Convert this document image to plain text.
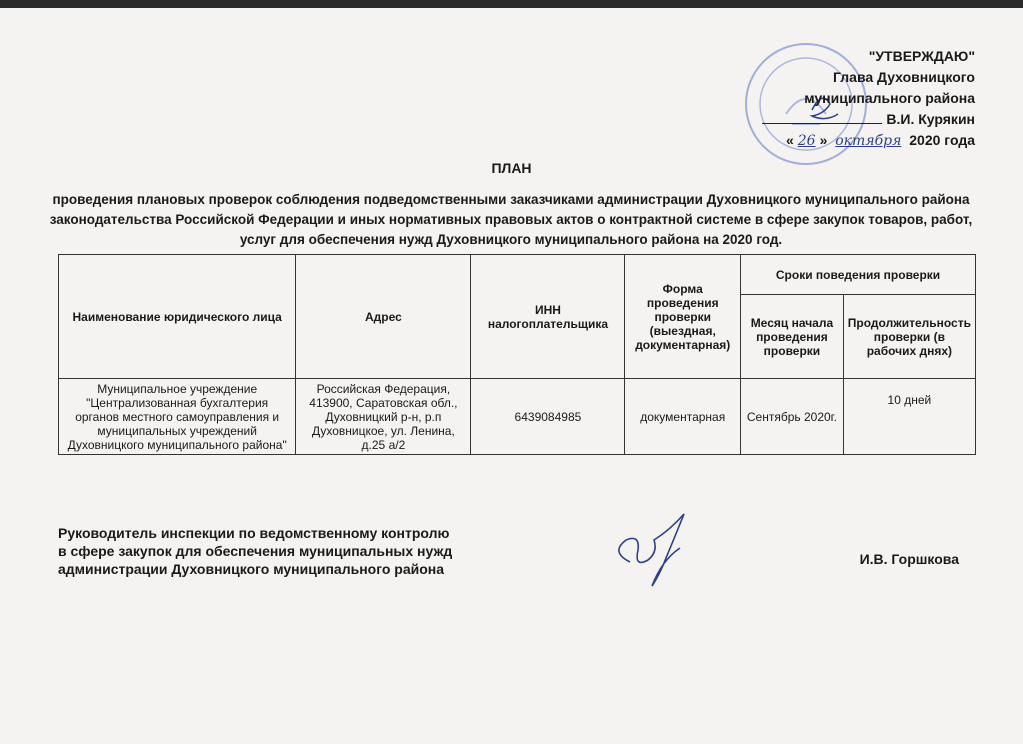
"УТВЕРЖДАЮ"
Глава Духовницкого
муниципального района
В.И. Курякин
« 26 » октября 2020 года
ПЛАН
проведения плановых проверок соблюдения подведомственными заказчиками администрации Духовницкого муниципального района
законодательства Российской Федерации и иных нормативных правовых актов о контрактной системе в сфере закупок товаров, работ,
услуг для обеспечения нужд Духовницкого муниципального района на 2020 год.
Наименование юридического лица	Адрес	ИНН налогоплательщика	Форма проведения проверки (выездная, документарная)	Сроки поведения проверки	
				Месяц начала проведения проверки	Продолжительность проверки (в рабочих днях)
Муниципальное учреждение "Централизованная бухгалтерия органов местного самоуправления и муниципальных учреждений Духовницкого муниципального района"	Российская Федерация, 413900, Саратовская обл., Духовницкий р-н, р.п Духовницкое, ул. Ленина, д.25 а/2	6439084985	документарная	Сентябрь 2020г.	10 дней
Руководитель инспекции по ведомственному контролю
в сфере закупок для обеспечения муниципальных нужд
администрации Духовницкого муниципального района
И.В. Горшкова
